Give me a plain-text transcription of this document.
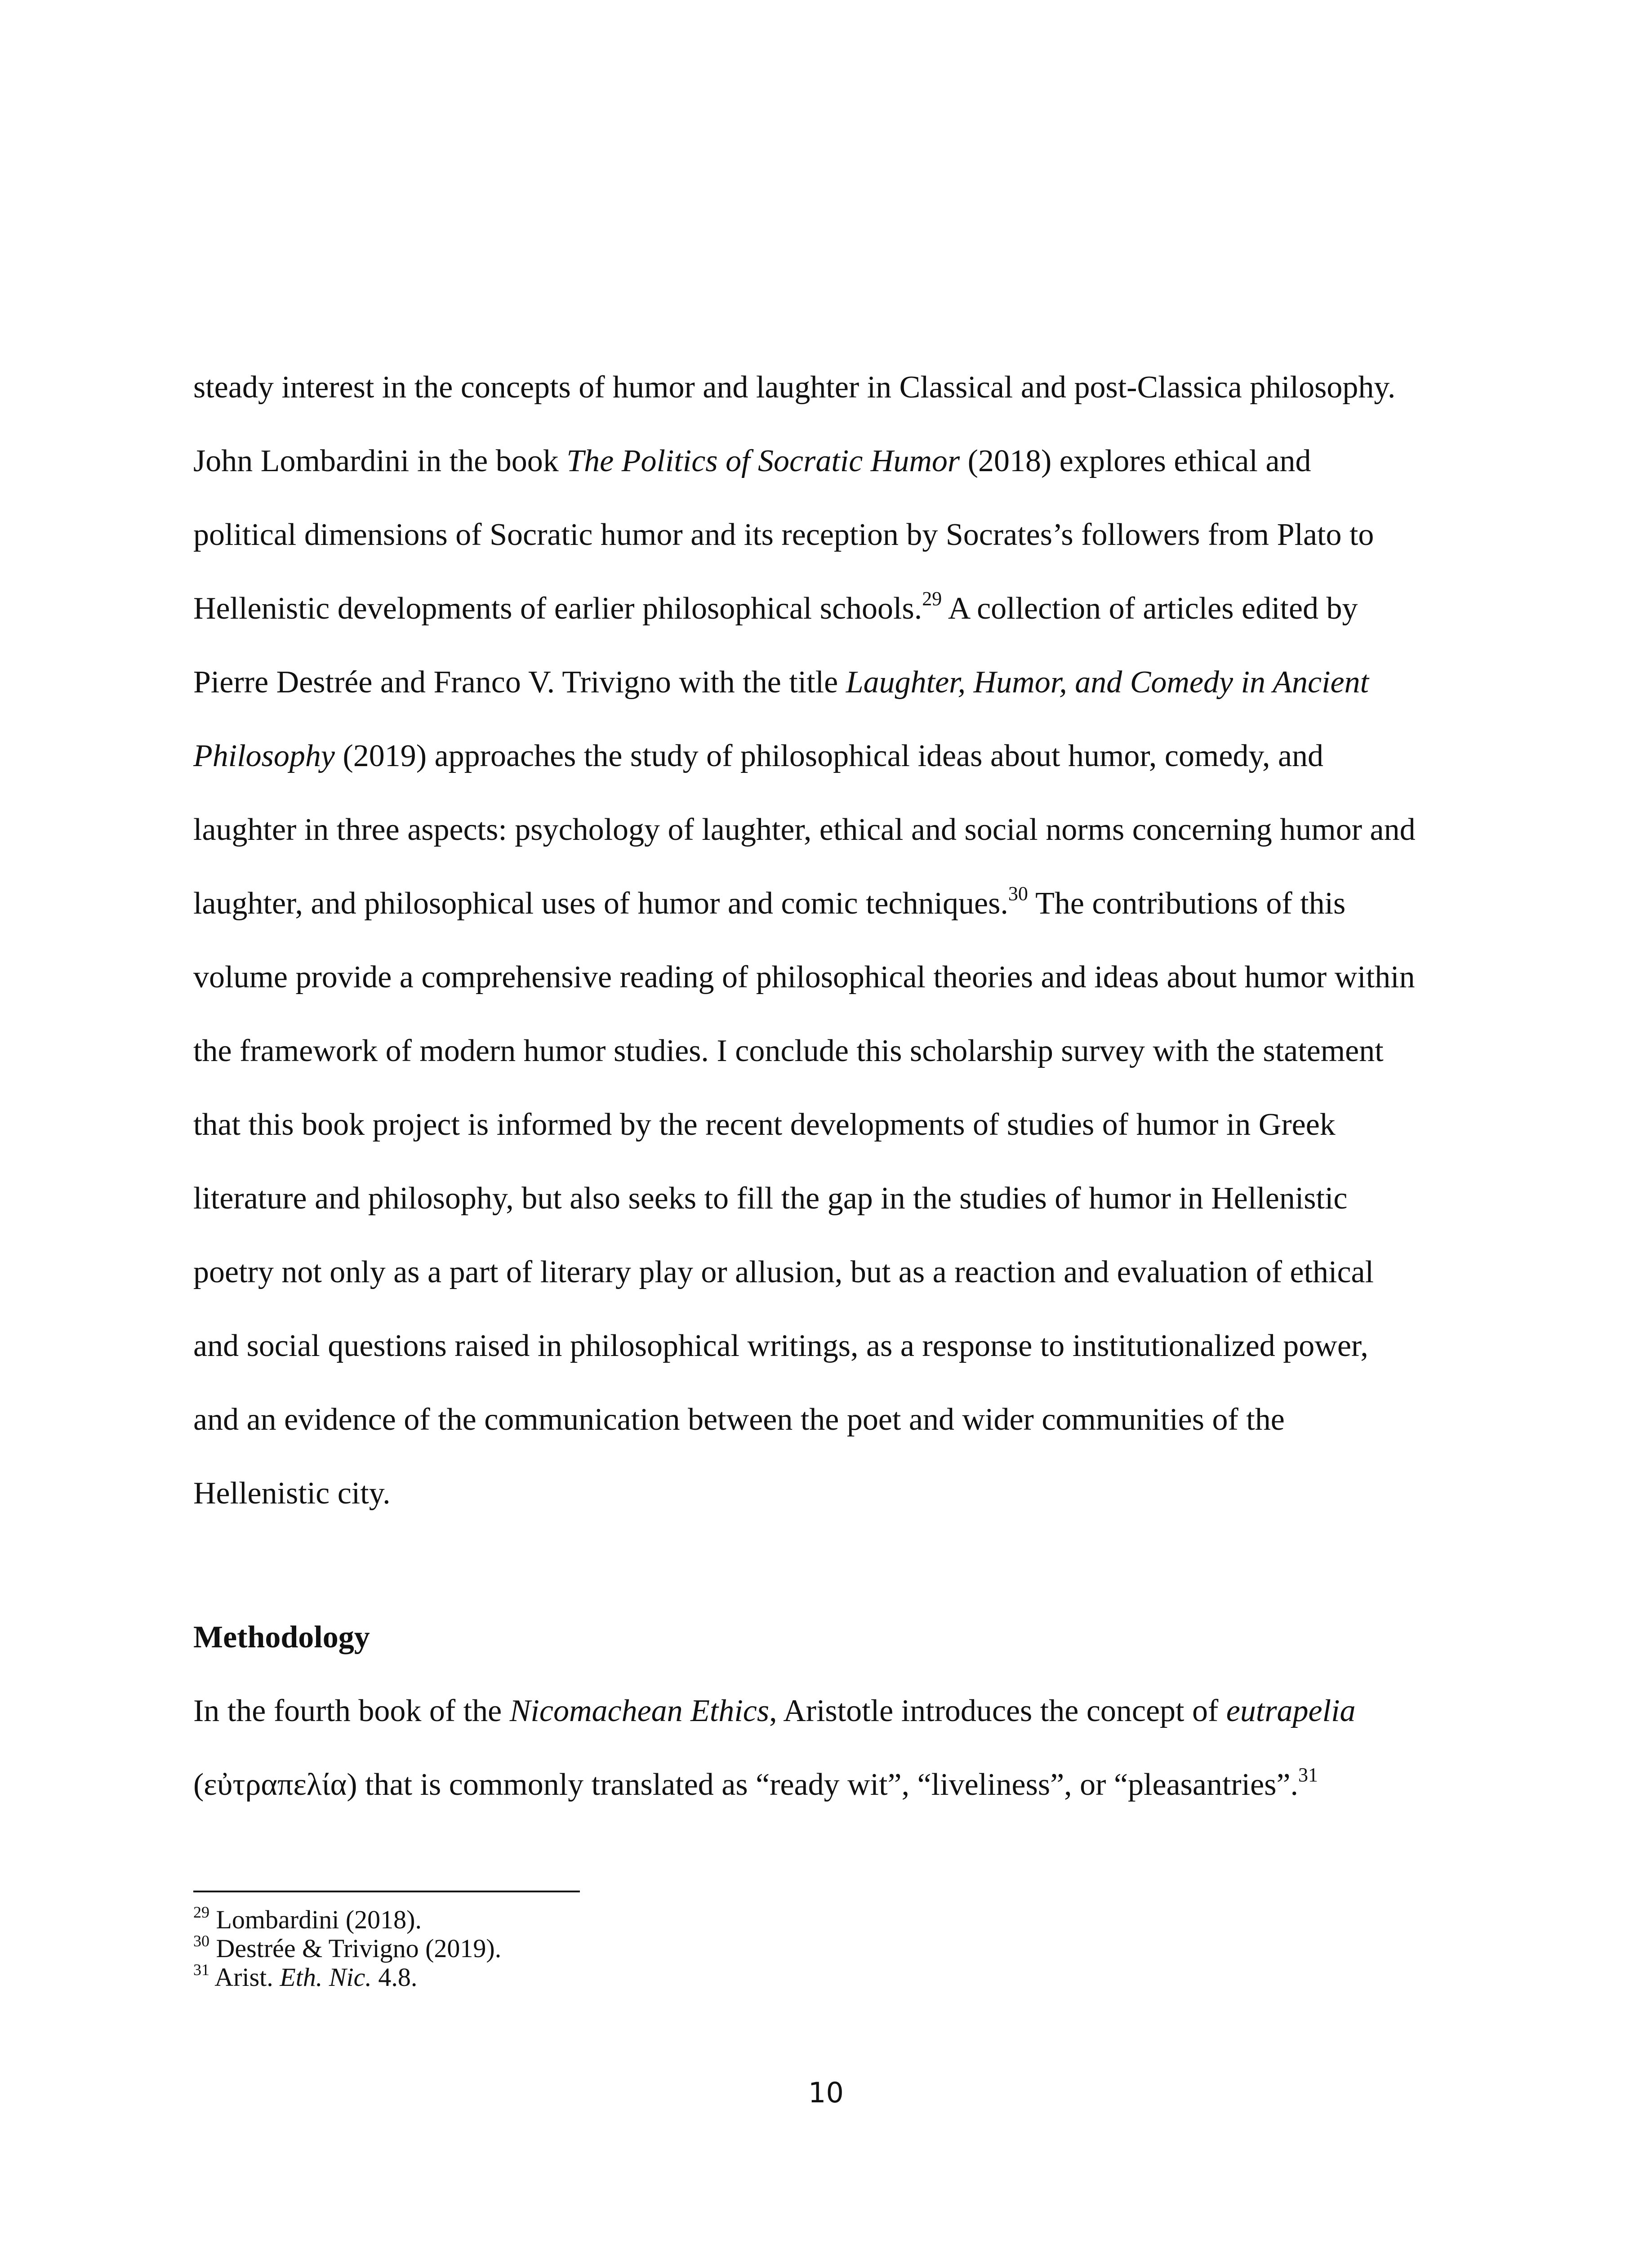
steady interest in the concepts of humor and laughter in Classical and post-Classica philosophy.
John Lombardini in the book The Politics of Socratic Humor (2018) explores ethical and
political dimensions of Socratic humor and its reception by Socrates’s followers from Plato to
Hellenistic developments of earlier philosophical schools.$^{29}$ A collection of articles edited by
Pierre Destrée and Franco V. Trivigno with the title Laughter, Humor, and Comedy in Ancient
Philosophy (2019) approaches the study of philosophical ideas about humor, comedy, and
laughter in three aspects: psychology of laughter, ethical and social norms concerning humor and
laughter, and philosophical uses of humor and comic techniques.$^{30}$ The contributions of this
volume provide a comprehensive reading of philosophical theories and ideas about humor within
the framework of modern humor studies. I conclude this scholarship survey with the statement
that this book project is informed by the recent developments of studies of humor in Greek
literature and philosophy, but also seeks to fill the gap in the studies of humor in Hellenistic
poetry not only as a part of literary play or allusion, but as a reaction and evaluation of ethical
and social questions raised in philosophical writings, as a response to institutionalized power,
and an evidence of the communication between the poet and wider communities of the
Hellenistic city.
Methodology
In the fourth book of the Nicomachean Ethics, Aristotle introduces the concept of eutrapelia
(εὐτραπελία) that is commonly translated as “ready wit”, “liveliness”, or “pleasantries”.$^{31}$
$^{29}$ Lombardini (2018).
$^{30}$ Destrée & Trivigno (2019).
$^{31}$ Arist. Eth. Nic. 4.8.
10
